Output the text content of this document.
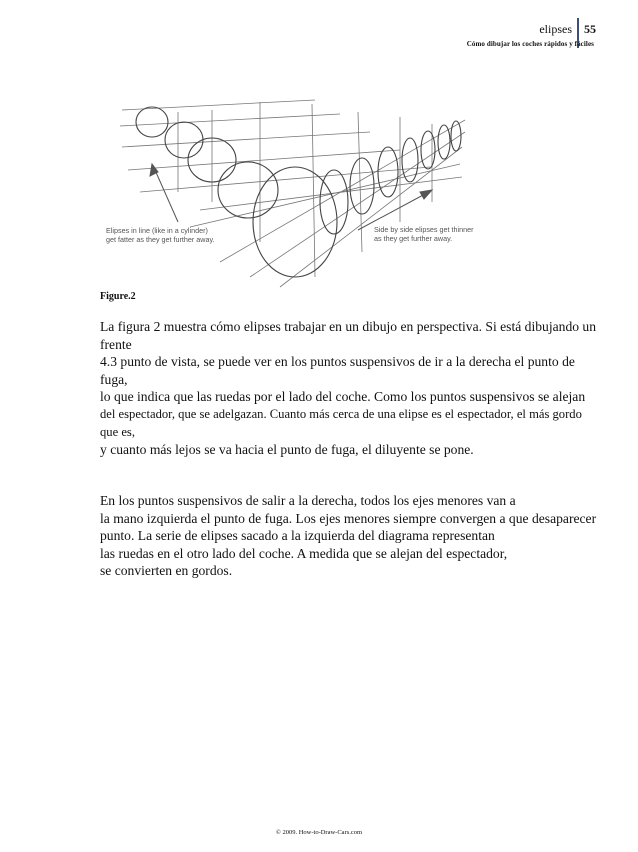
elipses 55
Cómo dibujar los coches rápidos y fáciles
Elipses in line (like in a cylinder)
get fatter as they get further away.
Side by side elipses get thinner
as they get further away.
Figure.2
La figura 2 muestra cómo elipses trabajar en un dibujo en perspectiva. Si está dibujando un
frente
4.3 punto de vista, se puede ver en los puntos suspensivos de ir a la derecha el punto de
fuga,
lo que indica que las ruedas por el lado del coche. Como los puntos suspensivos se alejan
del espectador, que se adelgazan. Cuanto más cerca de una elipse es el espectador, el más gordo
que es,
y cuanto más lejos se va hacia el punto de fuga, el diluyente se pone.
En los puntos suspensivos de salir a la derecha, todos los ejes menores van a
la mano izquierda el punto de fuga. Los ejes menores siempre convergen a que desaparecer
punto. La serie de elipses sacado a la izquierda del diagrama representan
las ruedas en el otro lado del coche. A medida que se alejan del espectador,
se convierten en gordos.
© 2009. How-to-Draw-Cars.com
